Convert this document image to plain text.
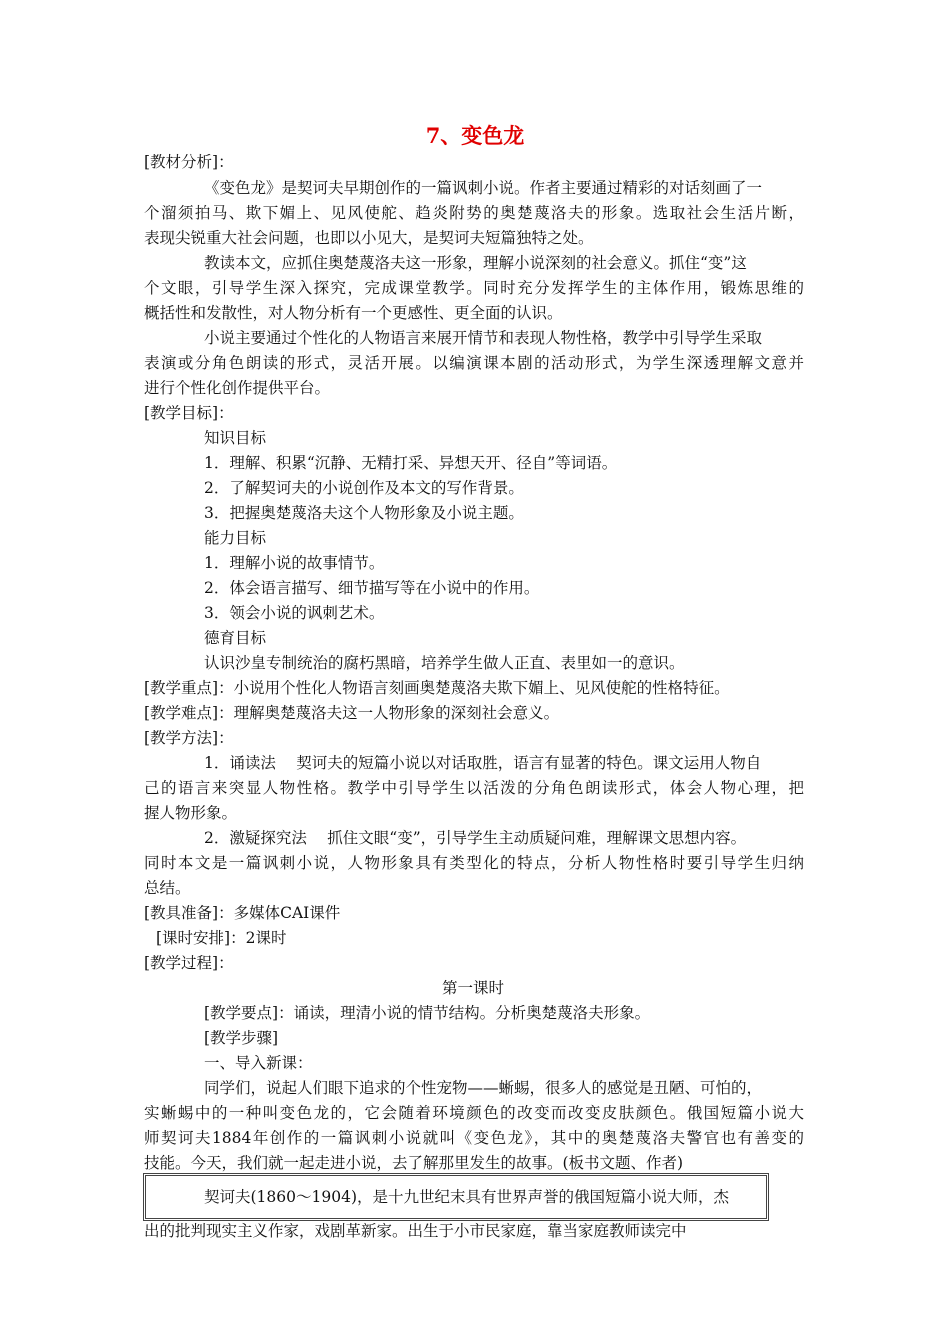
7、变色龙
[教材分析]：
《变色龙》是契诃夫早期创作的一篇讽刺小说。作者主要通过精彩的对话刻画了一
个溜须拍马、欺下媚上、见风使舵、趋炎附势的奥楚蔑洛夫的形象。选取社会生活片断，
表现尖锐重大社会问题，也即以小见大，是契诃夫短篇独特之处。
教读本文，应抓住奥楚蔑洛夫这一形象，理解小说深刻的社会意义。抓住“变”这
个文眼，引导学生深入探究，完成课堂教学。同时充分发挥学生的主体作用，锻炼思维的
概括性和发散性，对人物分析有一个更感性、更全面的认识。
小说主要通过个性化的人物语言来展开情节和表现人物性格，教学中引导学生采取
表演或分角色朗读的形式，灵活开展。以编演课本剧的活动形式，为学生深透理解文意并
进行个性化创作提供平台。
[教学目标]：
知识目标
1．理解、积累“沉静、无精打采、异想天开、径自”等词语。
2．了解契诃夫的小说创作及本文的写作背景。
3．把握奥楚蔑洛夫这个人物形象及小说主题。
能力目标
1．理解小说的故事情节。
2．体会语言描写、细节描写等在小说中的作用。
3．领会小说的讽刺艺术。
德育目标
认识沙皇专制统治的腐朽黑暗，培养学生做人正直、表里如一的意识。
[教学重点]：小说用个性化人物语言刻画奥楚蔑洛夫欺下媚上、见风使舵的性格特征。
[教学难点]：理解奥楚蔑洛夫这一人物形象的深刻社会意义。
[教学方法]：
1．诵读法　 契诃夫的短篇小说以对话取胜，语言有显著的特色。课文运用人物自
己的语言来突显人物性格。教学中引导学生以活泼的分角色朗读形式，体会人物心理，把
握人物形象。
2．激疑探究法　 抓住文眼“变”，引导学生主动质疑问难，理解课文思想内容。
同时本文是一篇讽刺小说，人物形象具有类型化的特点，分析人物性格时要引导学生归纳
总结。
[教具准备]：多媒体CAI课件
[课时安排]：2课时
[教学过程]：
第一课时
[教学要点]：诵读，理清小说的情节结构。分析奥楚蔑洛夫形象。
[教学步骤]
一、导入新课：
同学们，说起人们眼下追求的个性宠物——蜥蜴，很多人的感觉是丑陋、可怕的，
实蜥蜴中的一种叫变色龙的，它会随着环境颜色的改变而改变皮肤颜色。俄国短篇小说大
师契诃夫1884年创作的一篇讽刺小说就叫《变色龙》，其中的奥楚蔑洛夫警官也有善变的
技能。今天，我们就一起走进小说，去了解那里发生的故事。(板书文题、作者)
契诃夫(1860～1904)，是十九世纪末具有世界声誉的俄国短篇小说大师，杰
出的批判现实主义作家，戏剧革新家。出生于小市民家庭，靠当家庭教师读完中
